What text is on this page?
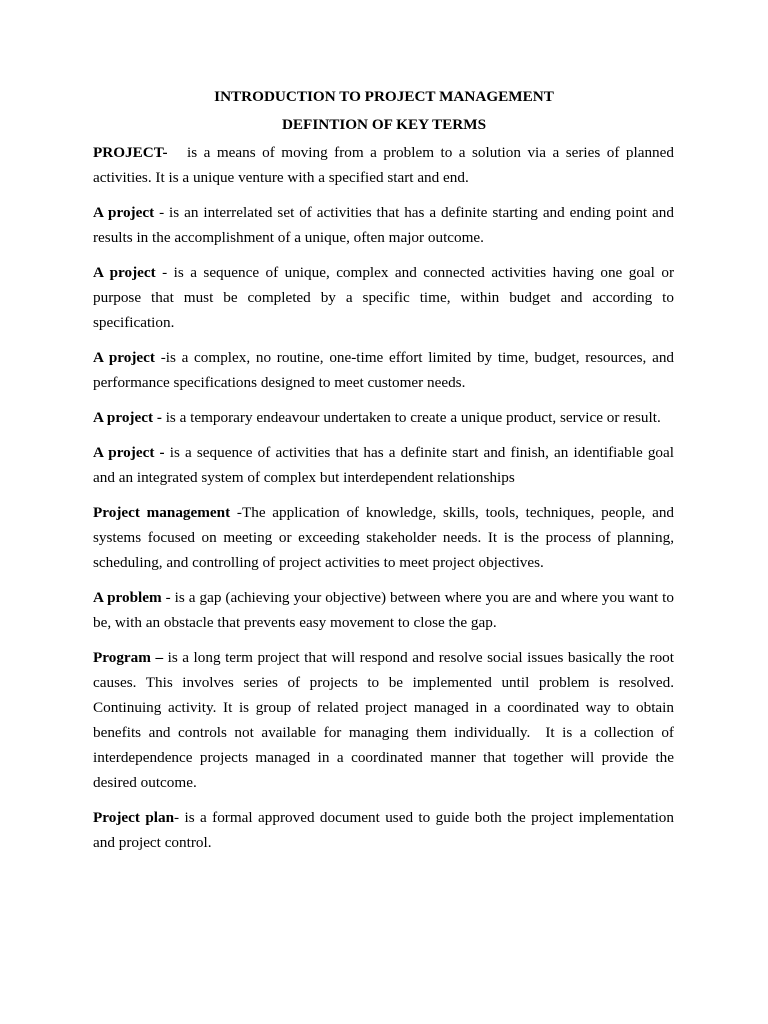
INTRODUCTION TO PROJECT MANAGEMENT
DEFINTION OF KEY TERMS

PROJECT-   is a means of moving from a problem to a solution via a series of planned activities. It is a unique venture with a specified start and end.

A project - is an interrelated set of activities that has a definite starting and ending point and results in the accomplishment of a unique, often major outcome.

A project - is a sequence of unique, complex and connected activities having one goal or purpose that must be completed by a specific time, within budget and according to specification.

A project -is a complex, no routine, one-time effort limited by time, budget, resources, and performance specifications designed to meet customer needs.

A project - is a temporary endeavour undertaken to create a unique product, service or result.

A project - is a sequence of activities that has a definite start and finish, an identifiable goal and an integrated system of complex but interdependent relationships

Project management -The application of knowledge, skills, tools, techniques, people, and systems focused on meeting or exceeding stakeholder needs. It is the process of planning, scheduling, and controlling of project activities to meet project objectives.

A problem - is a gap (achieving your objective) between where you are and where you want to be, with an obstacle that prevents easy movement to close the gap.

Program – is a long term project that will respond and resolve social issues basically the root causes. This involves series of projects to be implemented until problem is resolved. Continuing activity. It is group of related project managed in a coordinated way to obtain benefits and controls not available for managing them individually.  It is a collection of interdependence projects managed in a coordinated manner that together will provide the desired outcome.

Project plan- is a formal approved document used to guide both the project implementation and project control.
